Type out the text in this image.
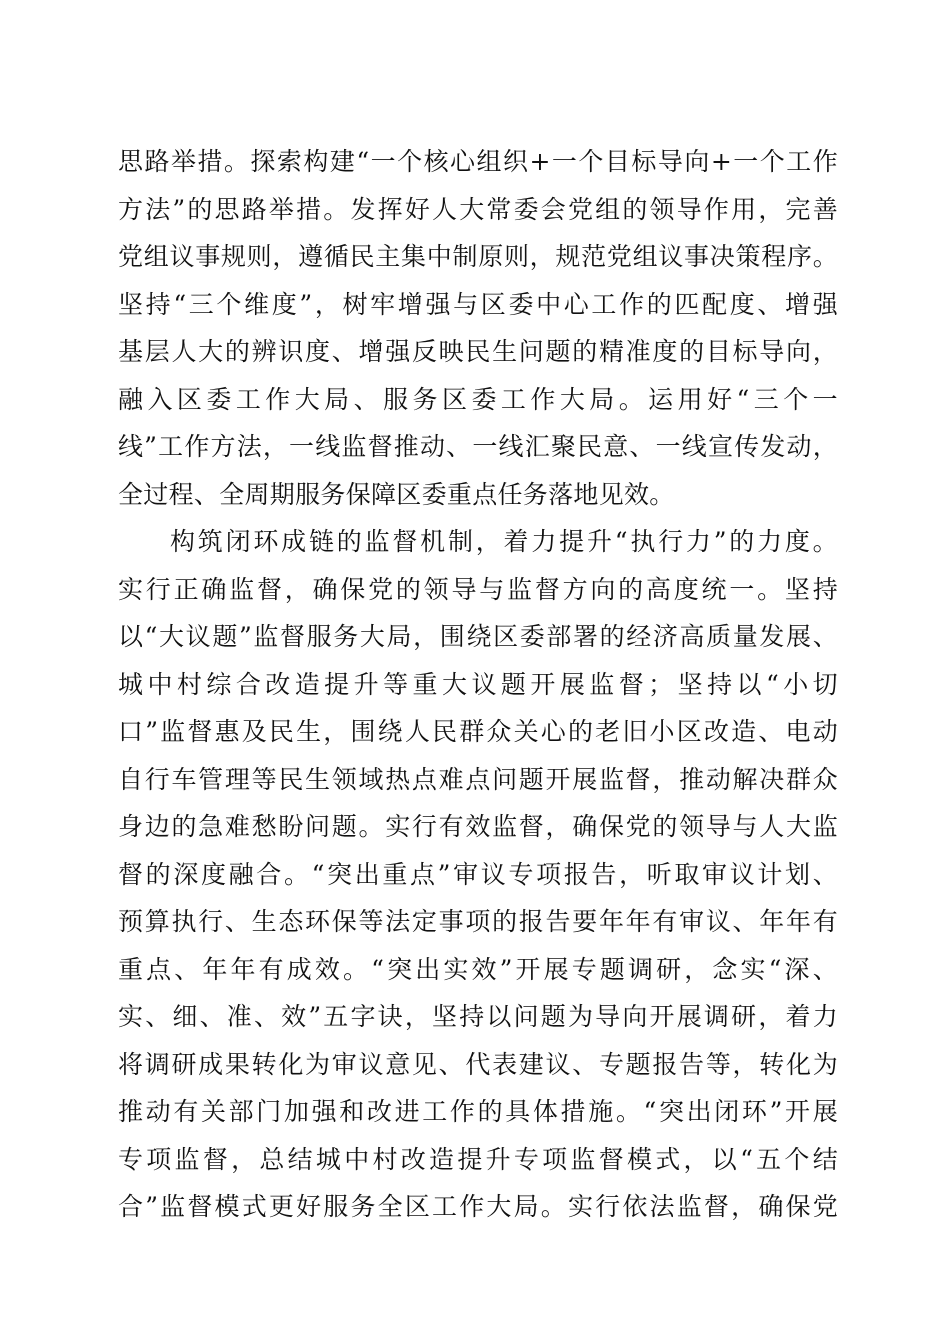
思路举措。探索构建“一个核心组织+一个目标导向+一个工作
方法”的思路举措。发挥好人大常委会党组的领导作用，完善
党组议事规则，遵循民主集中制原则，规范党组议事决策程序。
坚持“三个维度”，树牢增强与区委中心工作的匹配度、增强
基层人大的辨识度、增强反映民生问题的精准度的目标导向，
融入区委工作大局、服务区委工作大局。运用好“三个一
线”工作方法，一线监督推动、一线汇聚民意、一线宣传发动，
全过程、全周期服务保障区委重点任务落地见效。
构筑闭环成链的监督机制，着力提升“执行力”的力度。
实行正确监督，确保党的领导与监督方向的高度统一。坚持
以“大议题”监督服务大局，围绕区委部署的经济高质量发展、
城中村综合改造提升等重大议题开展监督；坚持以“小切
口”监督惠及民生，围绕人民群众关心的老旧小区改造、电动
自行车管理等民生领域热点难点问题开展监督，推动解决群众
身边的急难愁盼问题。实行有效监督，确保党的领导与人大监
督的深度融合。“突出重点”审议专项报告，听取审议计划、
预算执行、生态环保等法定事项的报告要年年有审议、年年有
重点、年年有成效。“突出实效”开展专题调研，念实“深、
实、细、准、效”五字诀，坚持以问题为导向开展调研，着力
将调研成果转化为审议意见、代表建议、专题报告等，转化为
推动有关部门加强和改进工作的具体措施。“突出闭环”开展
专项监督，总结城中村改造提升专项监督模式，以“五个结
合”监督模式更好服务全区工作大局。实行依法监督，确保党
